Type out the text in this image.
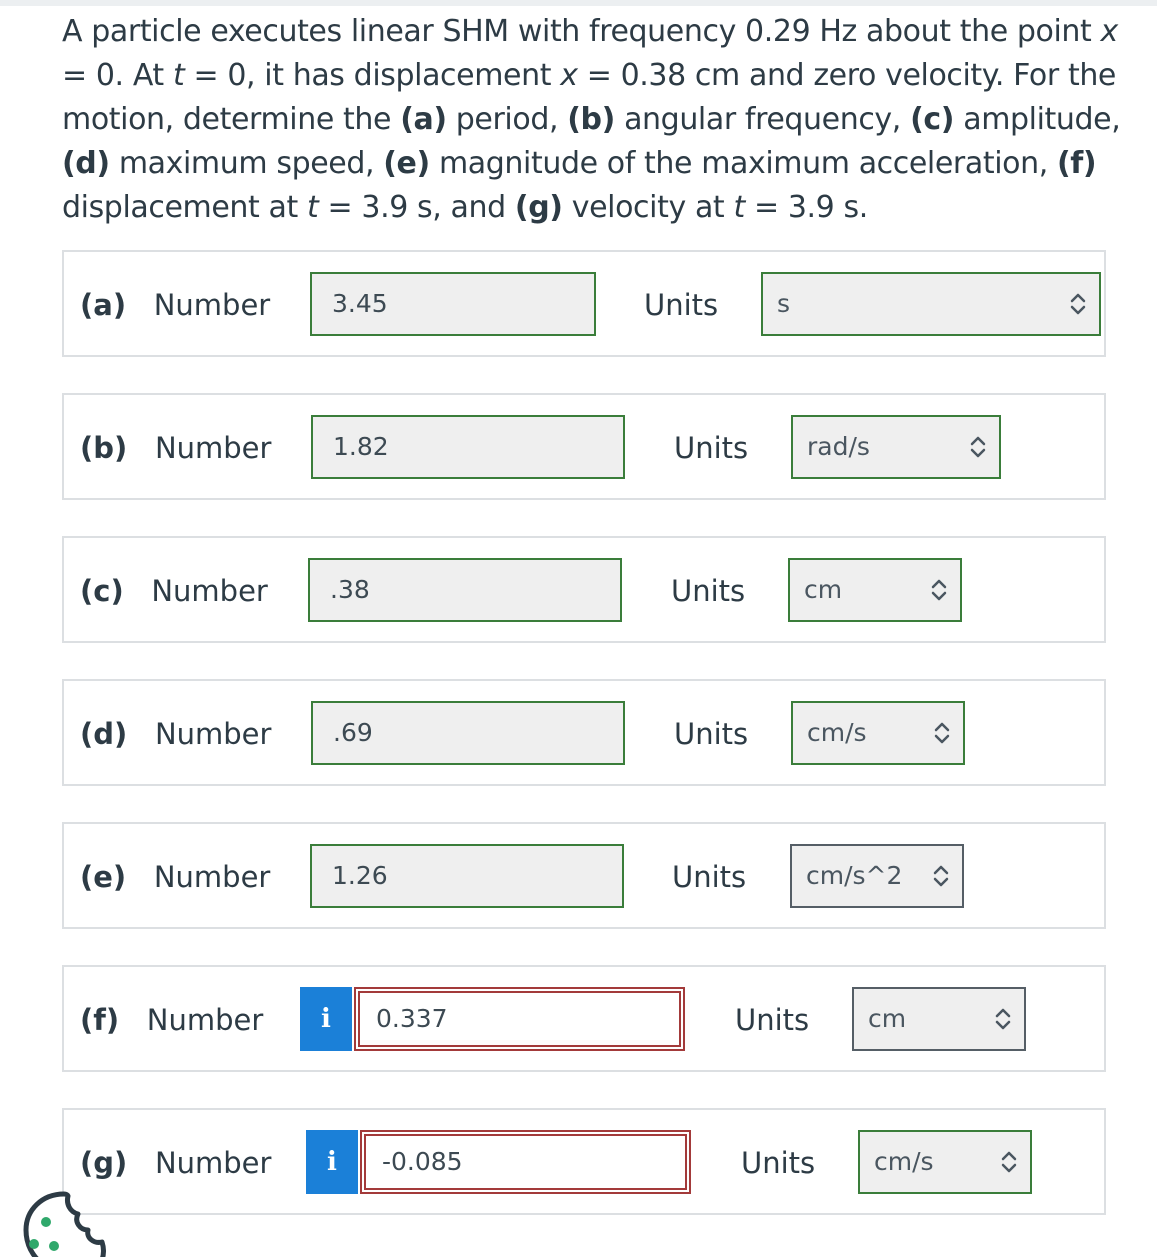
A particle executes linear SHM with frequency 0.29 Hz about the point x = 0. At t = 0, it has displacement x = 0.38 cm and zero velocity. For the motion, determine the (a) period, (b) angular frequency, (c) amplitude, (d) maximum speed, (e) magnitude of the maximum acceleration, (f) displacement at t = 3.9 s, and (g) velocity at t = 3.9 s.
(a) Number	3.45	Units	s
(b) Number	1.82	Units	rad/s
(c) Number	.38	Units	cm
(d) Number	.69	Units	cm/s
(e) Number	1.26	Units	cm/s^2
(f) Number	i	0.337	Units	cm
(g) Number	i	-0.085	Units	cm/s
